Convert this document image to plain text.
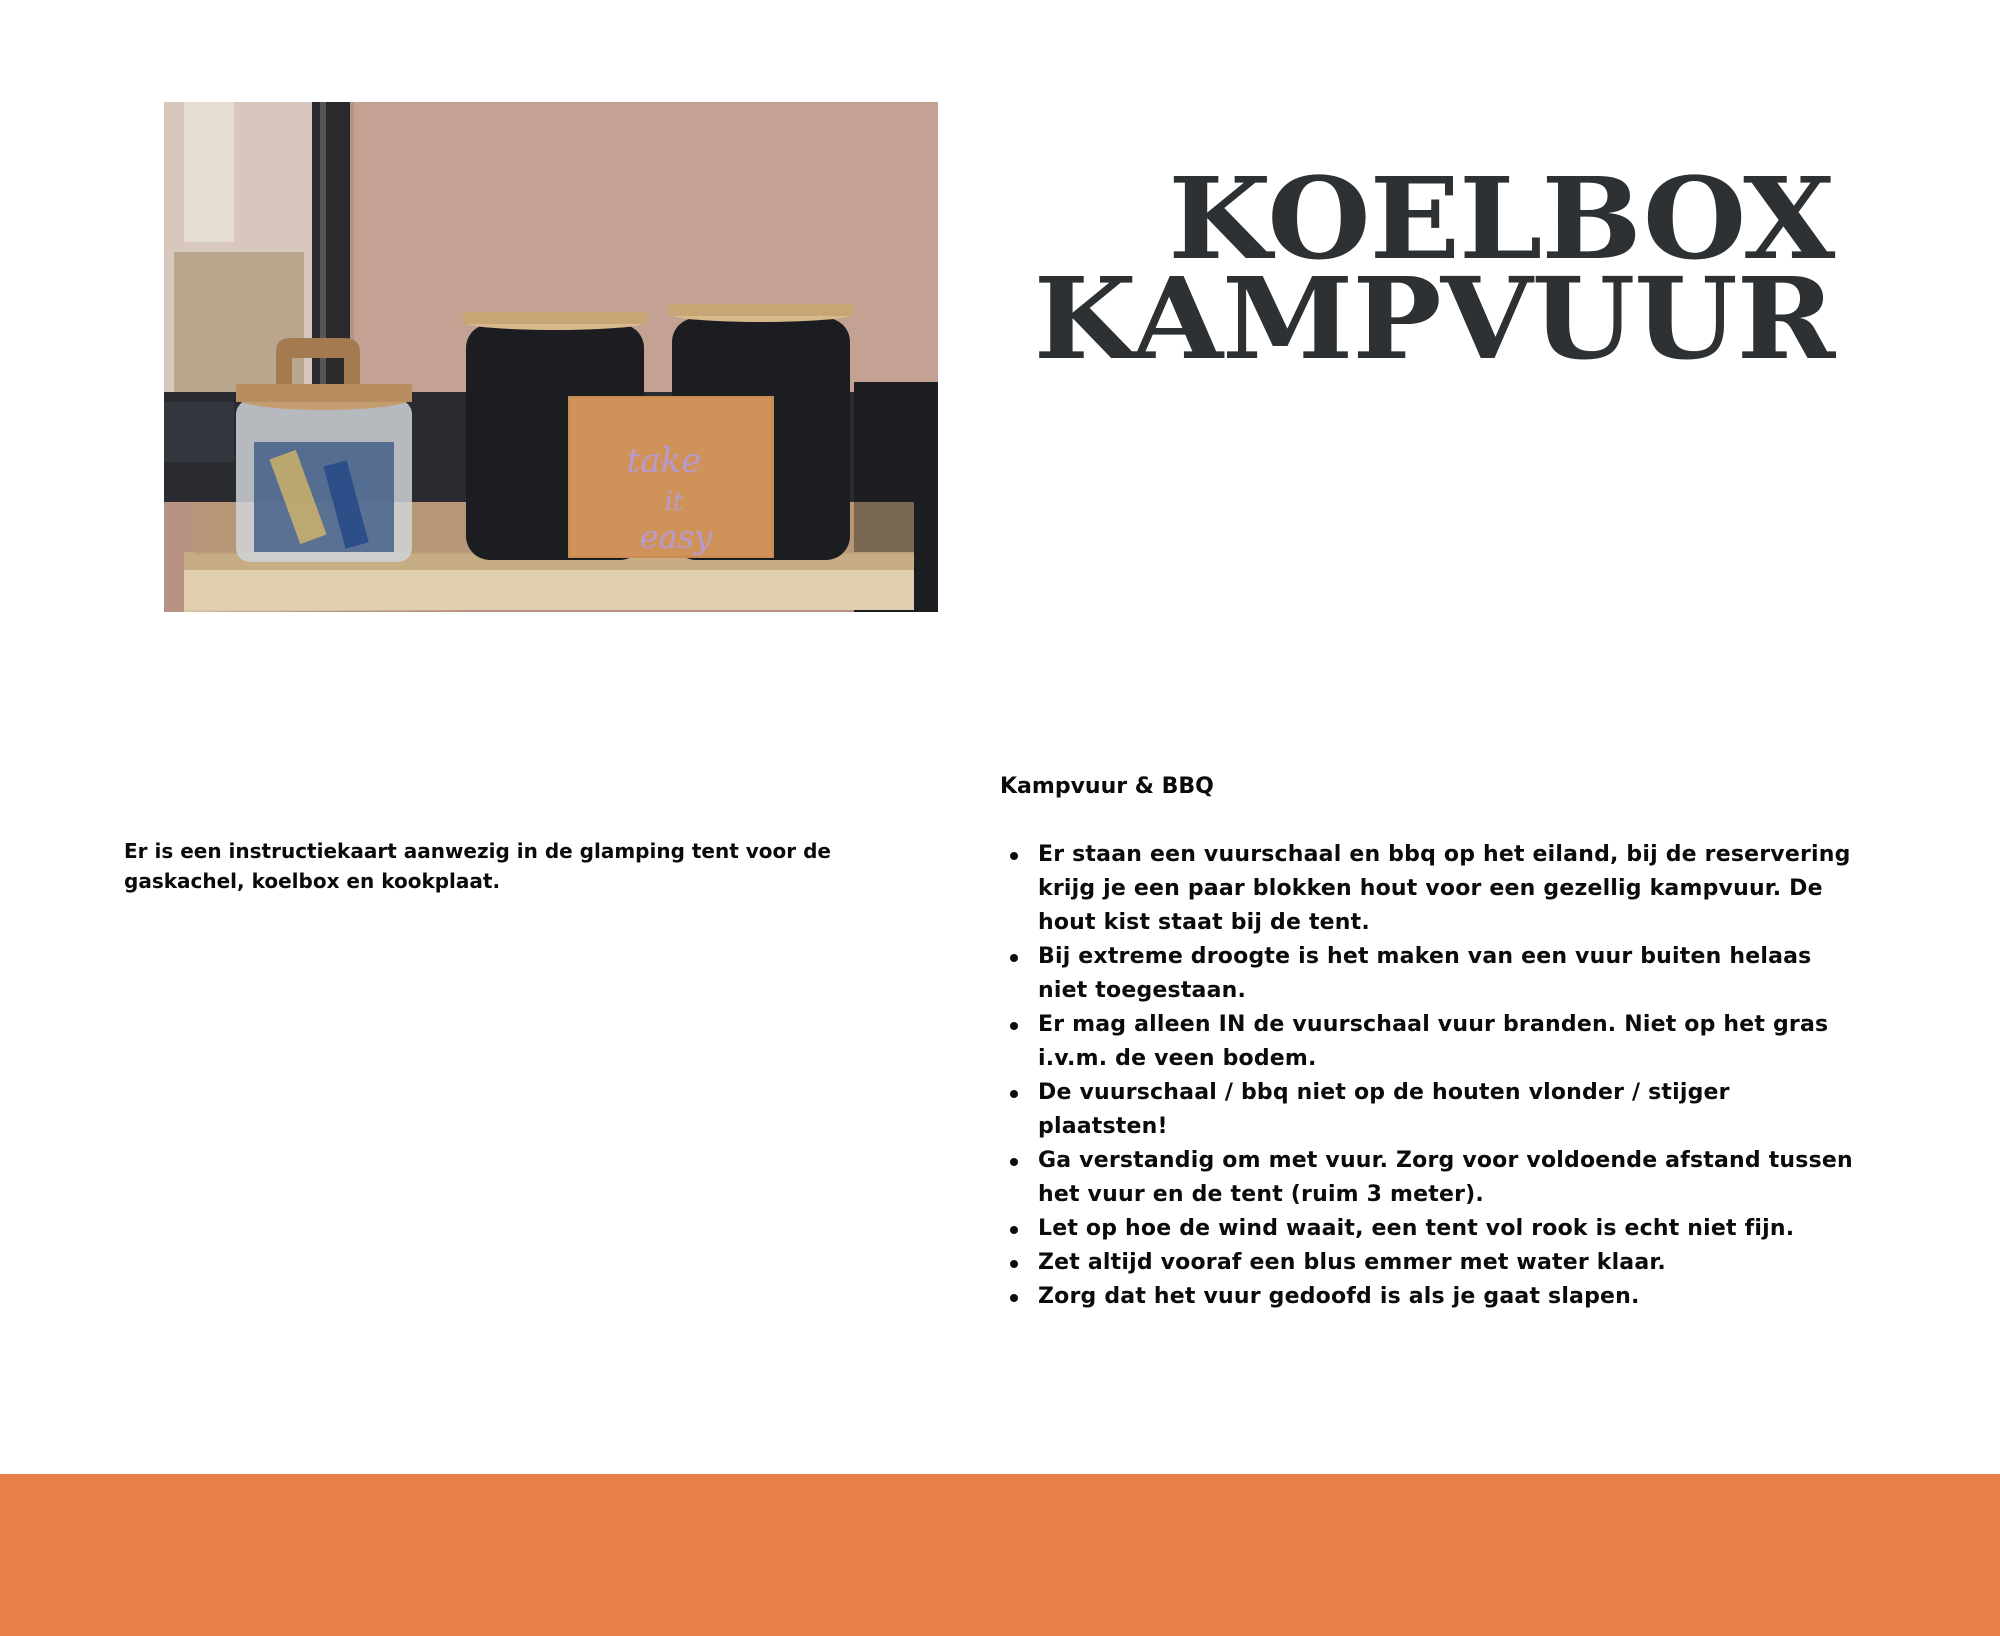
take
it
easy
KOELBOX
KAMPVUUR
Er is een instructiekaart aanwezig in de glamping tent voor de gaskachel, koelbox en kookplaat.
Kampvuur & BBQ
Er staan een vuurschaal en bbq op het eiland, bij de reservering krijg je een paar blokken hout voor een gezellig kampvuur. De hout kist staat bij de tent.
Bij extreme droogte is het maken van een vuur buiten helaas niet toegestaan.
Er mag alleen IN de vuurschaal vuur branden. Niet op het gras i.v.m. de veen bodem.
De vuurschaal / bbq niet op de houten vlonder / stijger plaatsten!
Ga verstandig om met vuur. Zorg voor voldoende afstand tussen het vuur en de tent (ruim 3 meter).
Let op hoe de wind waait, een tent vol rook is echt niet fijn.
Zet altijd vooraf een blus emmer met water klaar.
Zorg dat het vuur gedoofd is als je gaat slapen.
